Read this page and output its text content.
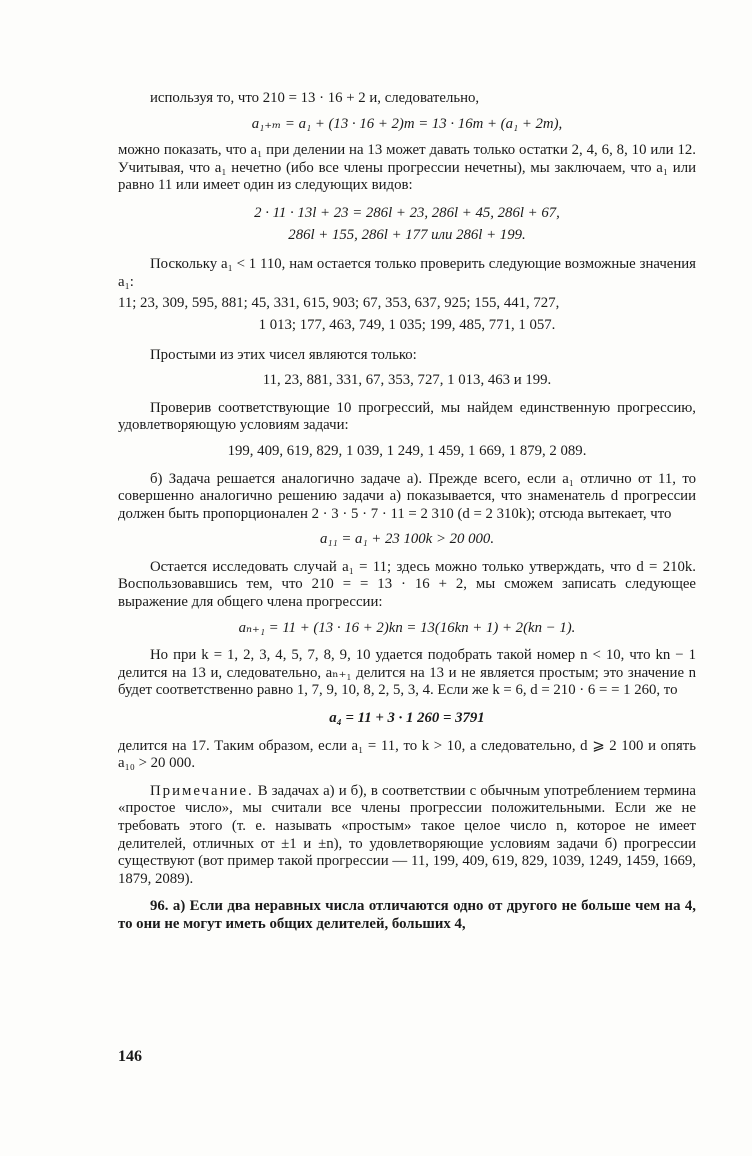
используя то, что 210 = 13 · 16 + 2 и, следовательно,

a₁₊ₘ = a₁ + (13 · 16 + 2)m = 13 · 16m + (a₁ + 2m),

можно показать, что a₁ при делении на 13 может давать только остатки 2, 4, 6, 8, 10 или 12. Учитывая, что a₁ нечетно (ибо все члены прогрессии нечетны), мы заключаем, что a₁ или равно 11 или имеет один из следующих видов:

2 · 11 · 13l + 23 = 286l + 23, 286l + 45, 286l + 67,
286l + 155, 286l + 177 или 286l + 199.

Поскольку a₁ < 1 110, нам остается только проверить следующие возможные значения a₁:

11; 23, 309, 595, 881; 45, 331, 615, 903; 67, 353, 637, 925; 155, 441, 727,
1 013; 177, 463, 749, 1 035; 199, 485, 771, 1 057.

Простыми из этих чисел являются только:

11, 23, 881, 331, 67, 353, 727, 1 013, 463 и 199.

Проверив соответствующие 10 прогрессий, мы найдем единственную прогрессию, удовлетворяющую условиям задачи:

199, 409, 619, 829, 1 039, 1 249, 1 459, 1 669, 1 879, 2 089.

б) Задача решается аналогично задаче а). Прежде всего, если a₁ отлично от 11, то совершенно аналогично решению задачи а) показывается, что знаменатель d прогрессии должен быть пропорционален 2 · 3 · 5 · 7 · 11 = 2 310 (d = 2 310k); отсюда вытекает, что

a₁₁ = a₁ + 23 100k > 20 000.

Остается исследовать случай a₁ = 11; здесь можно только утверждать, что d = 210k. Воспользовавшись тем, что 210 = = 13 · 16 + 2, мы сможем записать следующее выражение для общего члена прогрессии:

aₙ₊₁ = 11 + (13 · 16 + 2)kn = 13(16kn + 1) + 2(kn − 1).

Но при k = 1, 2, 3, 4, 5, 7, 8, 9, 10 удается подобрать такой номер n < 10, что kn − 1 делится на 13 и, следовательно, aₙ₊₁ делится на 13 и не является простым; это значение n будет соответственно равно 1, 7, 9, 10, 8, 2, 5, 3, 4. Если же k = 6, d = 210 · 6 = = 1 260, то

a₄ = 11 + 3 · 1 260 = 3791

делится на 17. Таким образом, если a₁ = 11, то k > 10, а следовательно, d ⩾ 2 100 и опять a₁₀ > 20 000.

Примечание. В задачах а) и б), в соответствии с обычным употреблением термина «простое число», мы считали все члены прогрессии положительными. Если же не требовать этого (т. е. называть «простым» такое целое число n, которое не имеет делителей, отличных от ±1 и ±n), то удовлетворяющие условиям задачи б) прогрессии существуют (вот пример такой прогрессии — 11, 199, 409, 619, 829, 1039, 1249, 1459, 1669, 1879, 2089).

96. а) Если два неравных числа отличаются одно от другого не больше чем на 4, то они не могут иметь общих делителей, больших 4,

146
